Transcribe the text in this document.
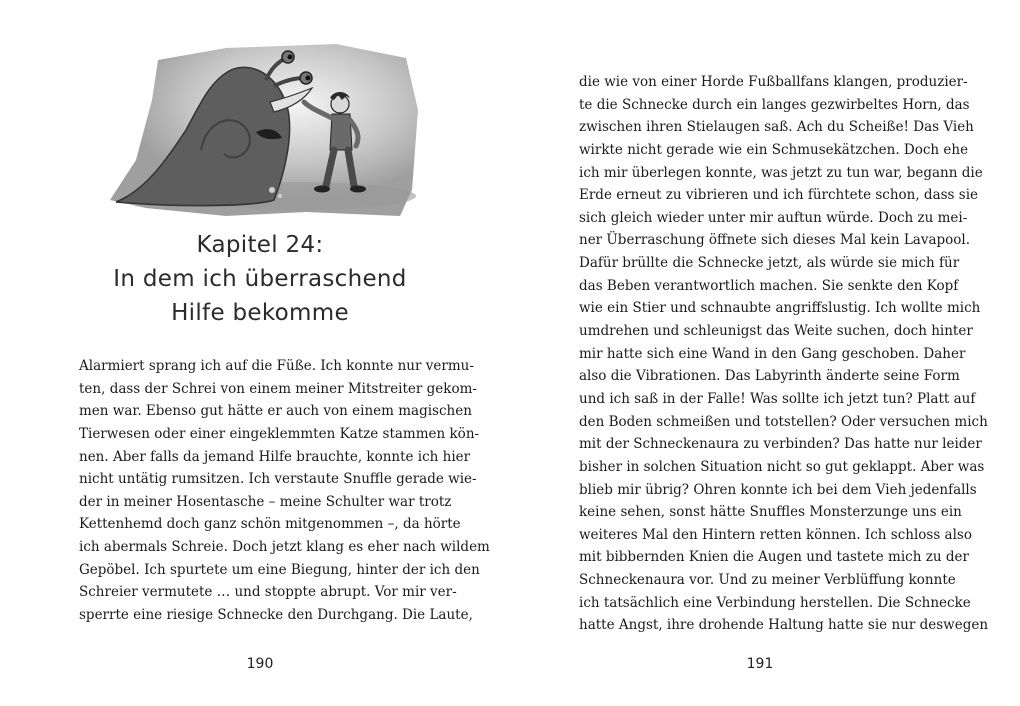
Kapitel 24:
In dem ich überraschend
Hilfe bekomme
Alarmiert sprang ich auf die Füße. Ich konnte nur vermu-
ten, dass der Schrei von einem meiner Mitstreiter gekom-
men war. Ebenso gut hätte er auch von einem magischen
Tierwesen oder einer eingeklemmten Katze stammen kön-
nen. Aber falls da jemand Hilfe brauchte, konnte ich hier
nicht untätig rumsitzen. Ich verstaute Snuffle gerade wie-
der in meiner Hosentasche – meine Schulter war trotz
Kettenhemd doch ganz schön mitgenommen –, da hörte
ich abermals Schreie. Doch jetzt klang es eher nach wildem
Gepöbel. Ich spurtete um eine Biegung, hinter der ich den
Schreier vermutete … und stoppte abrupt. Vor mir ver-
sperrte eine riesige Schnecke den Durchgang. Die Laute,
190
die wie von einer Horde Fußballfans klangen, produzier-
te die Schnecke durch ein langes gezwirbeltes Horn, das
zwischen ihren Stielaugen saß. Ach du Scheiße! Das Vieh
wirkte nicht gerade wie ein Schmusekätzchen. Doch ehe
ich mir überlegen konnte, was jetzt zu tun war, begann die
Erde erneut zu vibrieren und ich fürchtete schon, dass sie
sich gleich wieder unter mir auftun würde. Doch zu mei-
ner Überraschung öffnete sich dieses Mal kein Lavapool.
Dafür brüllte die Schnecke jetzt, als würde sie mich für
das Beben verantwortlich machen. Sie senkte den Kopf
wie ein Stier und schnaubte angriffslustig. Ich wollte mich
umdrehen und schleunigst das Weite suchen, doch hinter
mir hatte sich eine Wand in den Gang geschoben. Daher
also die Vibrationen. Das Labyrinth änderte seine Form
und ich saß in der Falle! Was sollte ich jetzt tun? Platt auf
den Boden schmeißen und totstellen? Oder versuchen mich
mit der Schneckenaura zu verbinden? Das hatte nur leider
bisher in solchen Situation nicht so gut geklappt. Aber was
blieb mir übrig? Ohren konnte ich bei dem Vieh jedenfalls
keine sehen, sonst hätte Snuffles Monsterzunge uns ein
weiteres Mal den Hintern retten können. Ich schloss also
mit bibbernden Knien die Augen und tastete mich zu der
Schneckenaura vor. Und zu meiner Verblüffung konnte
ich tatsächlich eine Verbindung herstellen. Die Schnecke
hatte Angst, ihre drohende Haltung hatte sie nur deswegen
191
